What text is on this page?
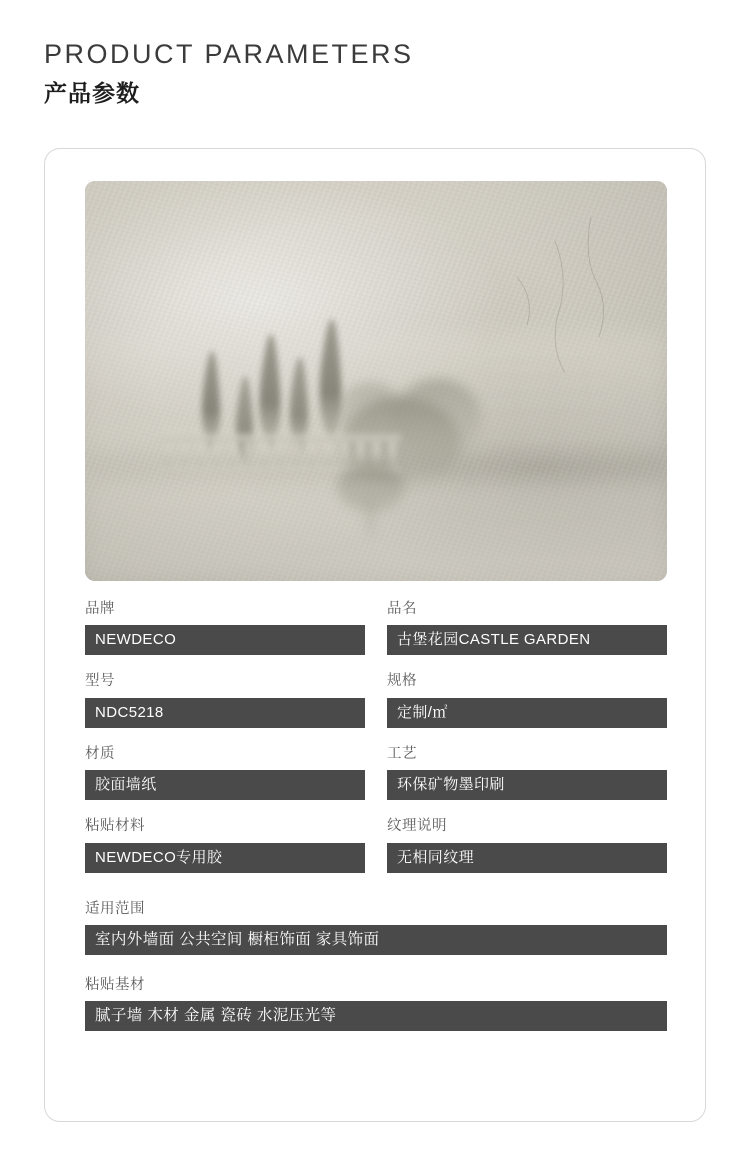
PRODUCT PARAMETERS
产品参数
品牌
NEWDECO
品名
古堡花园CASTLE GARDEN
型号
NDC5218
规格
定制/㎡
材质
胶面墙纸
工艺
环保矿物墨印刷
粘贴材料
NEWDECO专用胶
纹理说明
无相同纹理
适用范围
室内外墙面 公共空间 橱柜饰面 家具饰面
粘贴基材
腻子墙 木材 金属 瓷砖 水泥压光等
